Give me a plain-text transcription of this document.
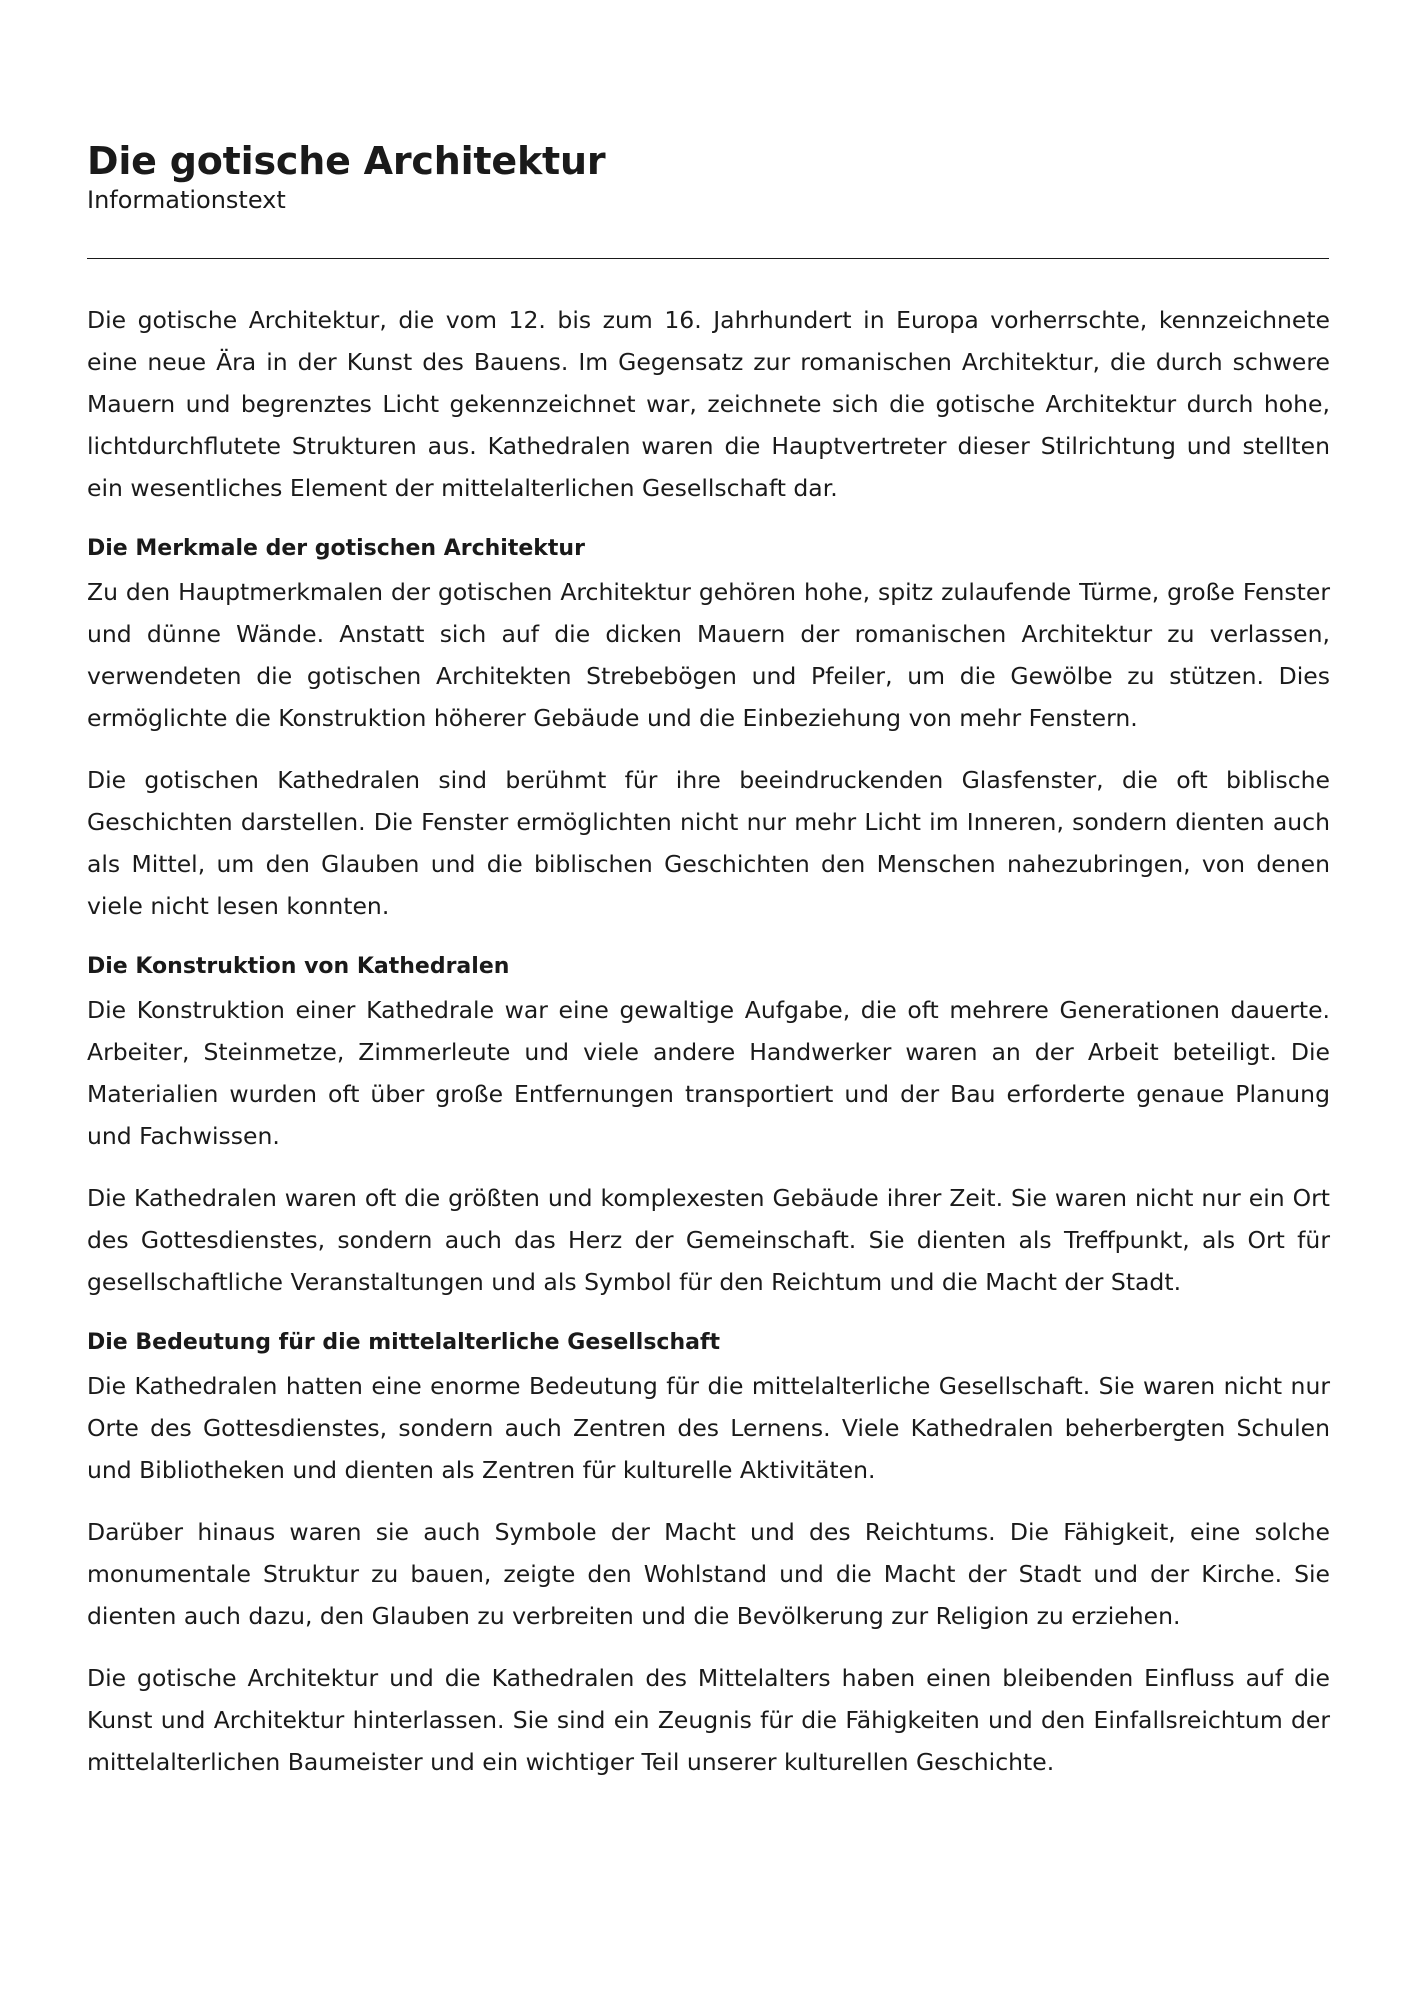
Die gotische Architektur
Informationstext

Die gotische Architektur, die vom 12. bis zum 16. Jahrhundert in Europa vorherrschte, kennzeichnete eine neue Ära in der Kunst des Bauens. Im Gegensatz zur romanischen Architektur, die durch schwere Mauern und begrenztes Licht gekennzeichnet war, zeichnete sich die gotische Architektur durch hohe, lichtdurchflutete Strukturen aus. Kathedralen waren die Hauptvertreter dieser Stilrichtung und stellten ein wesentliches Element der mittelalterlichen Gesellschaft dar.

Die Merkmale der gotischen Architektur

Zu den Hauptmerkmalen der gotischen Architektur gehören hohe, spitz zulaufende Türme, große Fenster und dünne Wände. Anstatt sich auf die dicken Mauern der romanischen Architektur zu verlassen, verwendeten die gotischen Architekten Strebebögen und Pfeiler, um die Gewölbe zu stützen. Dies ermöglichte die Konstruktion höherer Gebäude und die Einbeziehung von mehr Fenstern.

Die gotischen Kathedralen sind berühmt für ihre beeindruckenden Glasfenster, die oft biblische Geschichten darstellen. Die Fenster ermöglichten nicht nur mehr Licht im Inneren, sondern dienten auch als Mittel, um den Glauben und die biblischen Geschichten den Menschen nahezubringen, von denen viele nicht lesen konnten.

Die Konstruktion von Kathedralen

Die Konstruktion einer Kathedrale war eine gewaltige Aufgabe, die oft mehrere Generationen dauerte. Arbeiter, Steinmetze, Zimmerleute und viele andere Handwerker waren an der Arbeit beteiligt. Die Materialien wurden oft über große Entfernungen transportiert und der Bau erforderte genaue Planung und Fachwissen.

Die Kathedralen waren oft die größten und komplexesten Gebäude ihrer Zeit. Sie waren nicht nur ein Ort des Gottesdienstes, sondern auch das Herz der Gemeinschaft. Sie dienten als Treffpunkt, als Ort für gesellschaftliche Veranstaltungen und als Symbol für den Reichtum und die Macht der Stadt.

Die Bedeutung für die mittelalterliche Gesellschaft

Die Kathedralen hatten eine enorme Bedeutung für die mittelalterliche Gesellschaft. Sie waren nicht nur Orte des Gottesdienstes, sondern auch Zentren des Lernens. Viele Kathedralen beherbergten Schulen und Bibliotheken und dienten als Zentren für kulturelle Aktivitäten.

Darüber hinaus waren sie auch Symbole der Macht und des Reichtums. Die Fähigkeit, eine solche monumentale Struktur zu bauen, zeigte den Wohlstand und die Macht der Stadt und der Kirche. Sie dienten auch dazu, den Glauben zu verbreiten und die Bevölkerung zur Religion zu erziehen.

Die gotische Architektur und die Kathedralen des Mittelalters haben einen bleibenden Einfluss auf die Kunst und Architektur hinterlassen. Sie sind ein Zeugnis für die Fähigkeiten und den Einfallsreichtum der mittelalterlichen Baumeister und ein wichtiger Teil unserer kulturellen Geschichte.
